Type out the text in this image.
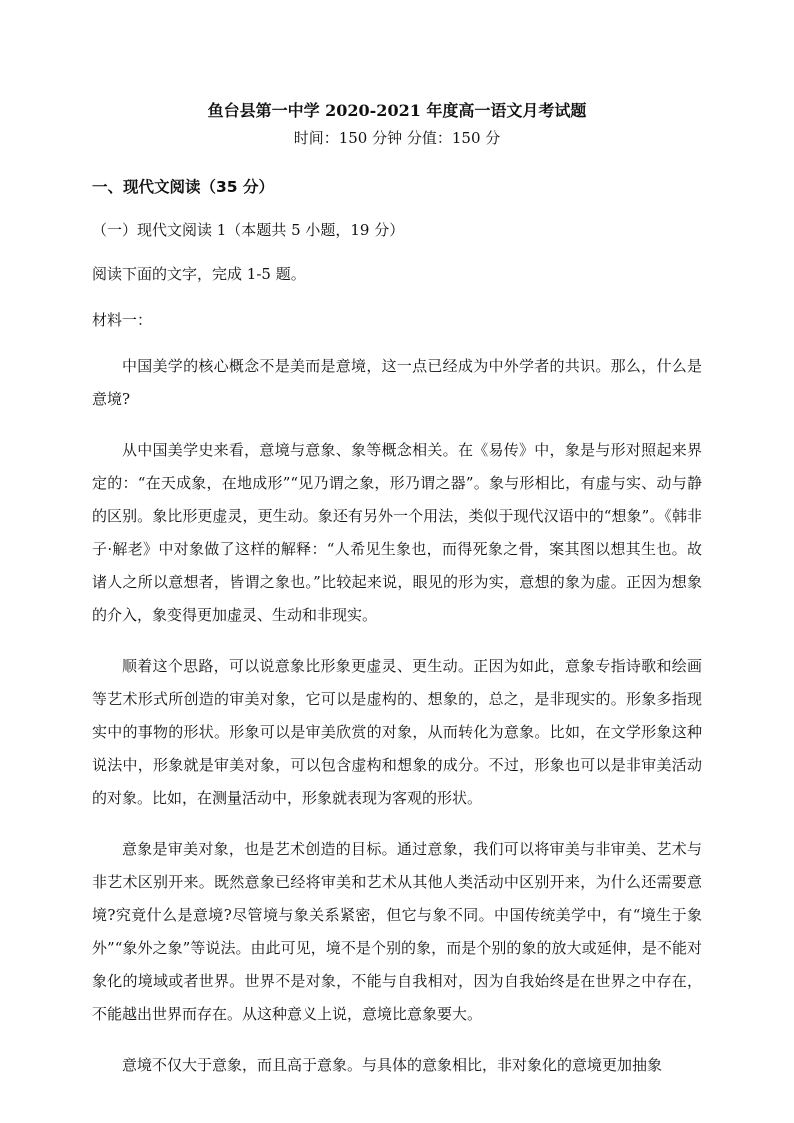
鱼台县第一中学 2020-2021 年度高一语文月考试题
时间：150 分钟 分值：150 分
一、现代文阅读（35 分）
（一）现代文阅读 1（本题共 5 小题，19 分）
阅读下面的文字，完成 1-5 题。
材料一：

中国美学的核心概念不是美而是意境，这一点已经成为中外学者的共识。那么，什么是意境?

从中国美学史来看，意境与意象、象等概念相关。在《易传》中，象是与形对照起来界定的：“在天成象，在地成形”“见乃谓之象，形乃谓之器”。象与形相比，有虚与实、动与静的区别。象比形更虚灵，更生动。象还有另外一个用法，类似于现代汉语中的“想象”。《韩非子·解老》中对象做了这样的解释：“人希见生象也，而得死象之骨，案其图以想其生也。故诸人之所以意想者，皆谓之象也。”比较起来说，眼见的形为实，意想的象为虚。正因为想象的介入，象变得更加虚灵、生动和非现实。

顺着这个思路，可以说意象比形象更虚灵、更生动。正因为如此，意象专指诗歌和绘画等艺术形式所创造的审美对象，它可以是虚构的、想象的，总之，是非现实的。形象多指现实中的事物的形状。形象可以是审美欣赏的对象，从而转化为意象。比如，在文学形象这种说法中，形象就是审美对象，可以包含虚构和想象的成分。不过，形象也可以是非审美活动的对象。比如，在测量活动中，形象就表现为客观的形状。

意象是审美对象，也是艺术创造的目标。通过意象，我们可以将审美与非审美、艺术与非艺术区别开来。既然意象已经将审美和艺术从其他人类活动中区别开来，为什么还需要意境?究竟什么是意境?尽管境与象关系紧密，但它与象不同。中国传统美学中，有“境生于象外”“象外之象”等说法。由此可见，境不是个别的象，而是个别的象的放大或延伸，是不能对象化的境域或者世界。世界不是对象，不能与自我相对，因为自我始终是在世界之中存在，不能越出世界而存在。从这种意义上说，意境比意象要大。

意境不仅大于意象，而且高于意象。与具体的意象相比，非对象化的意境更加抽象
